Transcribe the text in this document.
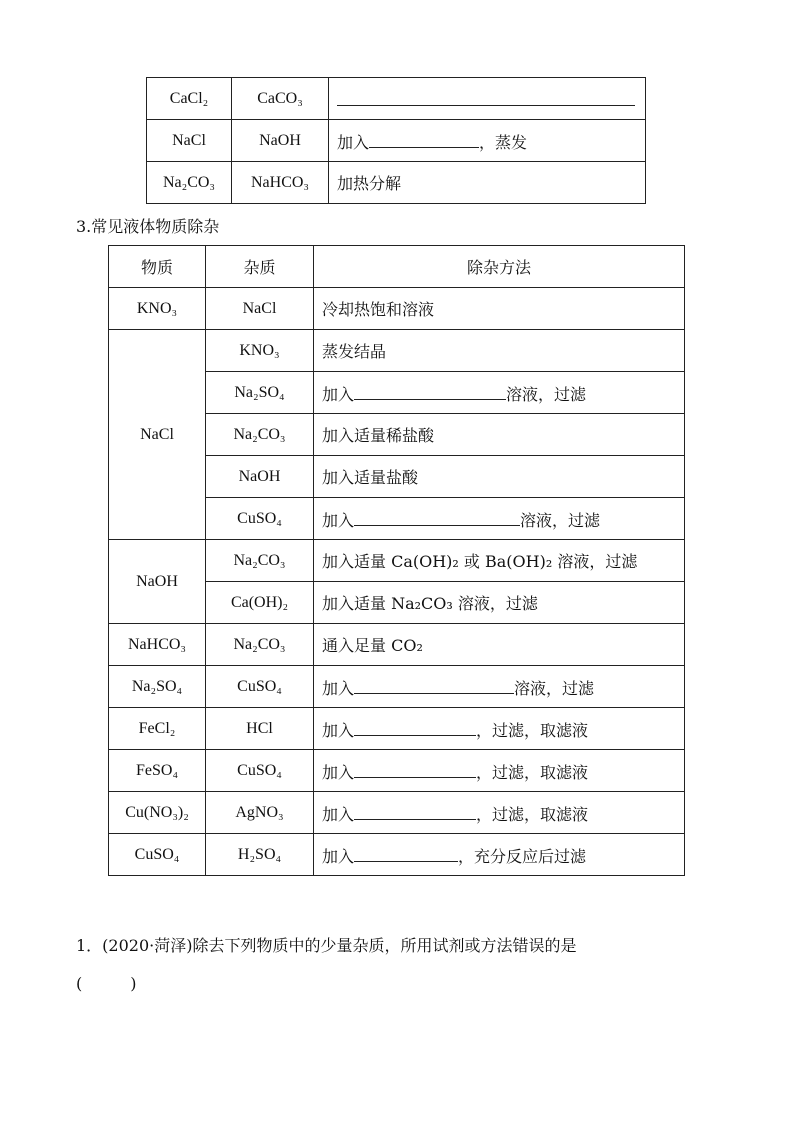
CaCl₂	CaCO₃	
NaCl	NaOH	加入 ，蒸发
Na₂CO₃	NaHCO₃	加热分解
3.常见液体物质除杂
物质	杂质	除杂方法
KNO₃	NaCl	冷却热饱和溶液
NaCl	KNO₃	蒸发结晶
	Na₂SO₄	加入 溶液，过滤
	Na₂CO₃	加入适量稀盐酸
	NaOH	加入适量盐酸
	CuSO₄	加入 溶液，过滤
NaOH	Na₂CO₃	加入适量 Ca(OH)₂ 或 Ba(OH)₂ 溶液，过滤
	Ca(OH)₂	加入适量 Na₂CO₃ 溶液，过滤
NaHCO₃	Na₂CO₃	通入足量 CO₂
Na₂SO₄	CuSO₄	加入 溶液，过滤
FeCl₂	HCl	加入 ，过滤，取滤液
FeSO₄	CuSO₄	加入 ，过滤，取滤液
Cu(NO₃)₂	AgNO₃	加入 ，过滤，取滤液
CuSO₄	H₂SO₄	加入 ，充分反应后过滤
1．(2020·菏泽)除去下列物质中的少量杂质，所用试剂或方法错误的是
(	)
